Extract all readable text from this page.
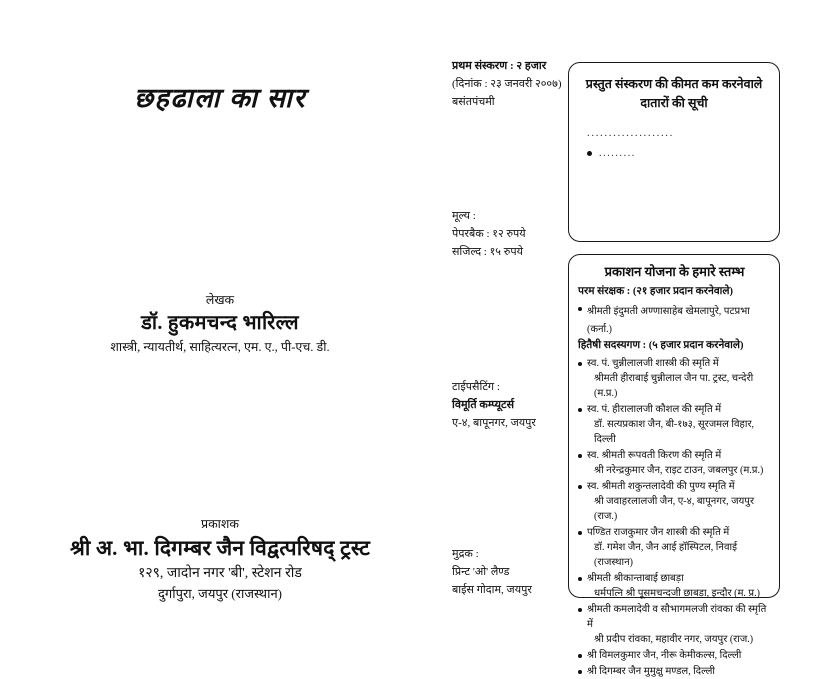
छहढाला का सार
लेखक
डॉ. हुकमचन्द भारिल्ल
शास्त्री, न्यायतीर्थ, साहित्यरत्न, एम. ए., पी-एच. डी.
प्रकाशक
श्री अ. भा. दिगम्बर जैन विद्वत्परिषद् ट्रस्ट
१२९, जादोन नगर 'बी', स्टेशन रोड
दुर्गापुरा, जयपुर (राजस्थान)
प्रथम संस्करण : २ हजार
(दिनांक : २३ जनवरी २००७)
बसंतपंचमी
मूल्य :
पेपरबैक : १२ रुपये
सजिल्द : १५ रुपये
टाईपसैटिंग :
विमूर्ति कम्प्यूटर्स
ए-४, बापूनगर, जयपुर
मुद्रक :
प्रिन्ट 'ओ' लैण्ड
बाईस गोदाम, जयपुर
प्रस्तुत संस्करण की कीमत कम करनेवाले
दातारों की सूची
....................
.........
प्रकाशन योजना के हमारे स्तम्भ
परम संरक्षक : (२१ हजार प्रदान करनेवाले)
श्रीमती इंदुमती अण्णासाहेब खेमलापुरे, पटप्रभा (कर्ना.)
हितैषी सदस्यगण : (५ हजार प्रदान करनेवाले)
स्व. पं. चुन्नीलालजी शास्त्री की स्मृति में
श्रीमती हीराबाई चुन्नीलाल जैन पा. ट्रस्ट, चन्देरी (म.प्र.)
स्व. पं. हीरालालजी कौशल की स्मृति में
डॉ. सत्यप्रकाश जैन, बी-१७३, सूरजमल विहार, दिल्ली
स्व. श्रीमती रूपवती किरण की स्मृति में
श्री नरेन्द्रकुमार जैन, राइट टाउन, जबलपुर (म.प्र.)
स्व. श्रीमती शकुन्तलादेवी की पुण्य स्मृति में
श्री जवाहरलालजी जैन, ए-४, बापूनगर, जयपुर (राज.)
पण्डित राजकुमार जैन शास्त्री की स्मृति में
डॉ. गमेश जैन, जैन आई हॉस्पिटल, निवाई (राजस्थान)
श्रीमती श्रीकान्ताबाई छाबड़ा
धर्मपत्नि श्री पूसमचन्दजी छाबड़ा, इन्दौर (म. प्र.)
श्रीमती कमलादेवी व सौभागमलजी रांवका की स्मृति में
श्री प्रदीप रांवका, महावीर नगर, जयपुर (राज.)
श्री विमलकुमार जैन, नीरू केमीकल्स, दिल्ली
श्री दिगम्बर जैन मुमुक्षु मण्डल, दिल्ली
